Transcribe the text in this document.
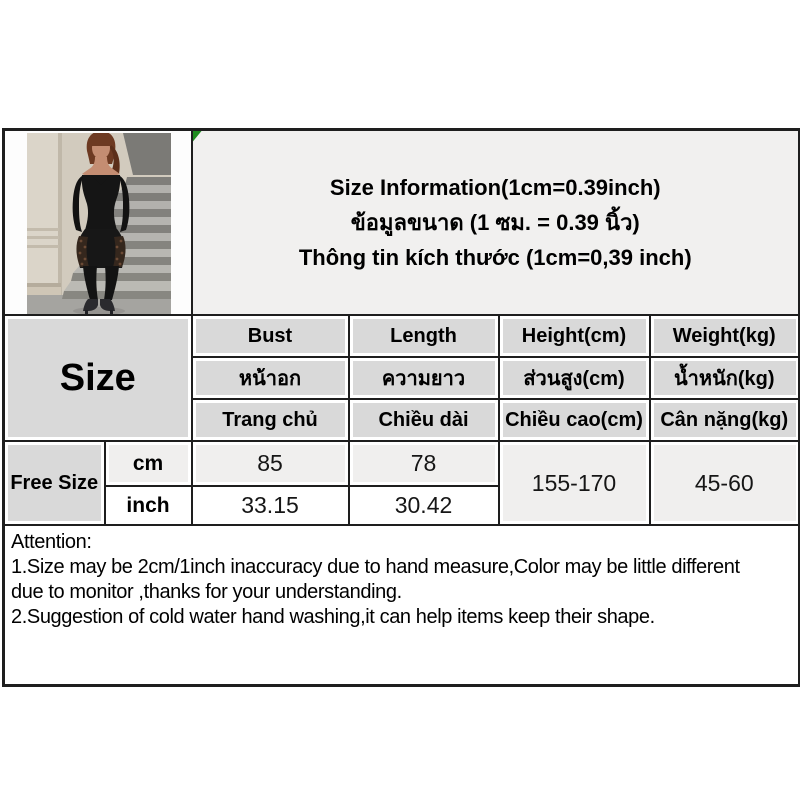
Size Information(1cm=0.39inch)
ข้อมูลขนาด (1 ซม. = 0.39 นิ้ว)
Thông tin kích thước (1cm=0,39 inch)			

Size		Bust	Length	Height(cm)	Weight(kg)
		หน้าอก	ความยาว	ส่วนสูง(cm)	น้ำหนัก(kg)
		Trang chủ	Chiều dài	Chiều cao(cm)	Cân nặng(kg)
Free Size	cm	85	78	155-170	45-60
	inch	33.15	30.42		

Attention:
1.Size may be 2cm/1inch inaccuracy due to hand measure,Color may be little different
due to monitor ,thanks for your understanding.
2.Suggestion of cold water hand washing,it can help items keep their shape.					
